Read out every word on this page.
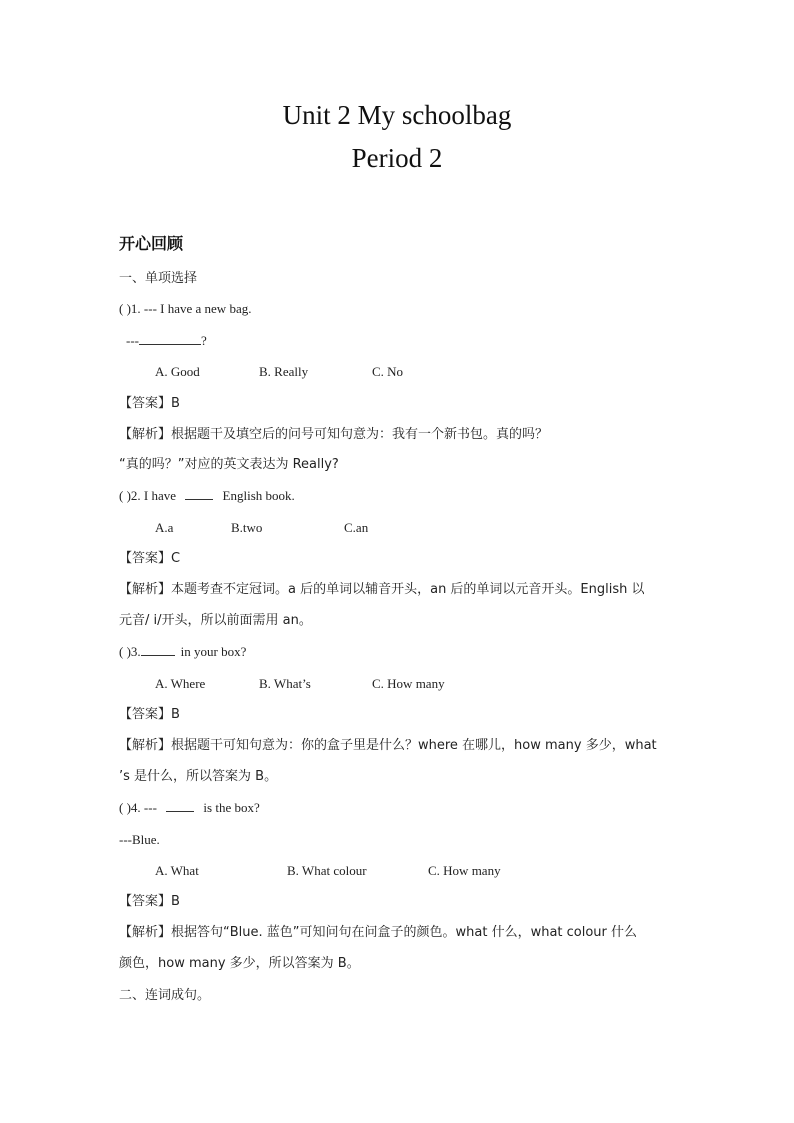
Unit 2 My schoolbag
Period 2
开心回顾
一、单项选择
( )1. --- I have a new bag.
---	?
A. Good	B. Really	C. No
【答案】B
【解析】根据题干及填空后的问号可知句意为：我有一个新书包。真的吗？
“真的吗？”对应的英文表达为 Really?
( )2. I have	English book.
A.a	B.two	C.an
【答案】C
【解析】本题考查不定冠词。a 后的单词以辅音开头，an 后的单词以元音开头。English 以
元音/ i/开头，所以前面需用 an。
( )3.	in your box?
A. Where	B. What’s	C. How many
【答案】B
【解析】根据题干可知句意为：你的盒子里是什么？where 在哪儿，how many 多少，what
’s 是什么，所以答案为 B。
( )4. ---	is the box?
---Blue.
A. What	B. What colour	C. How many
【答案】B
【解析】根据答句“Blue. 蓝色”可知问句在问盒子的颜色。what 什么，what colour 什么
颜色，how many 多少，所以答案为 B。
二、连词成句。
